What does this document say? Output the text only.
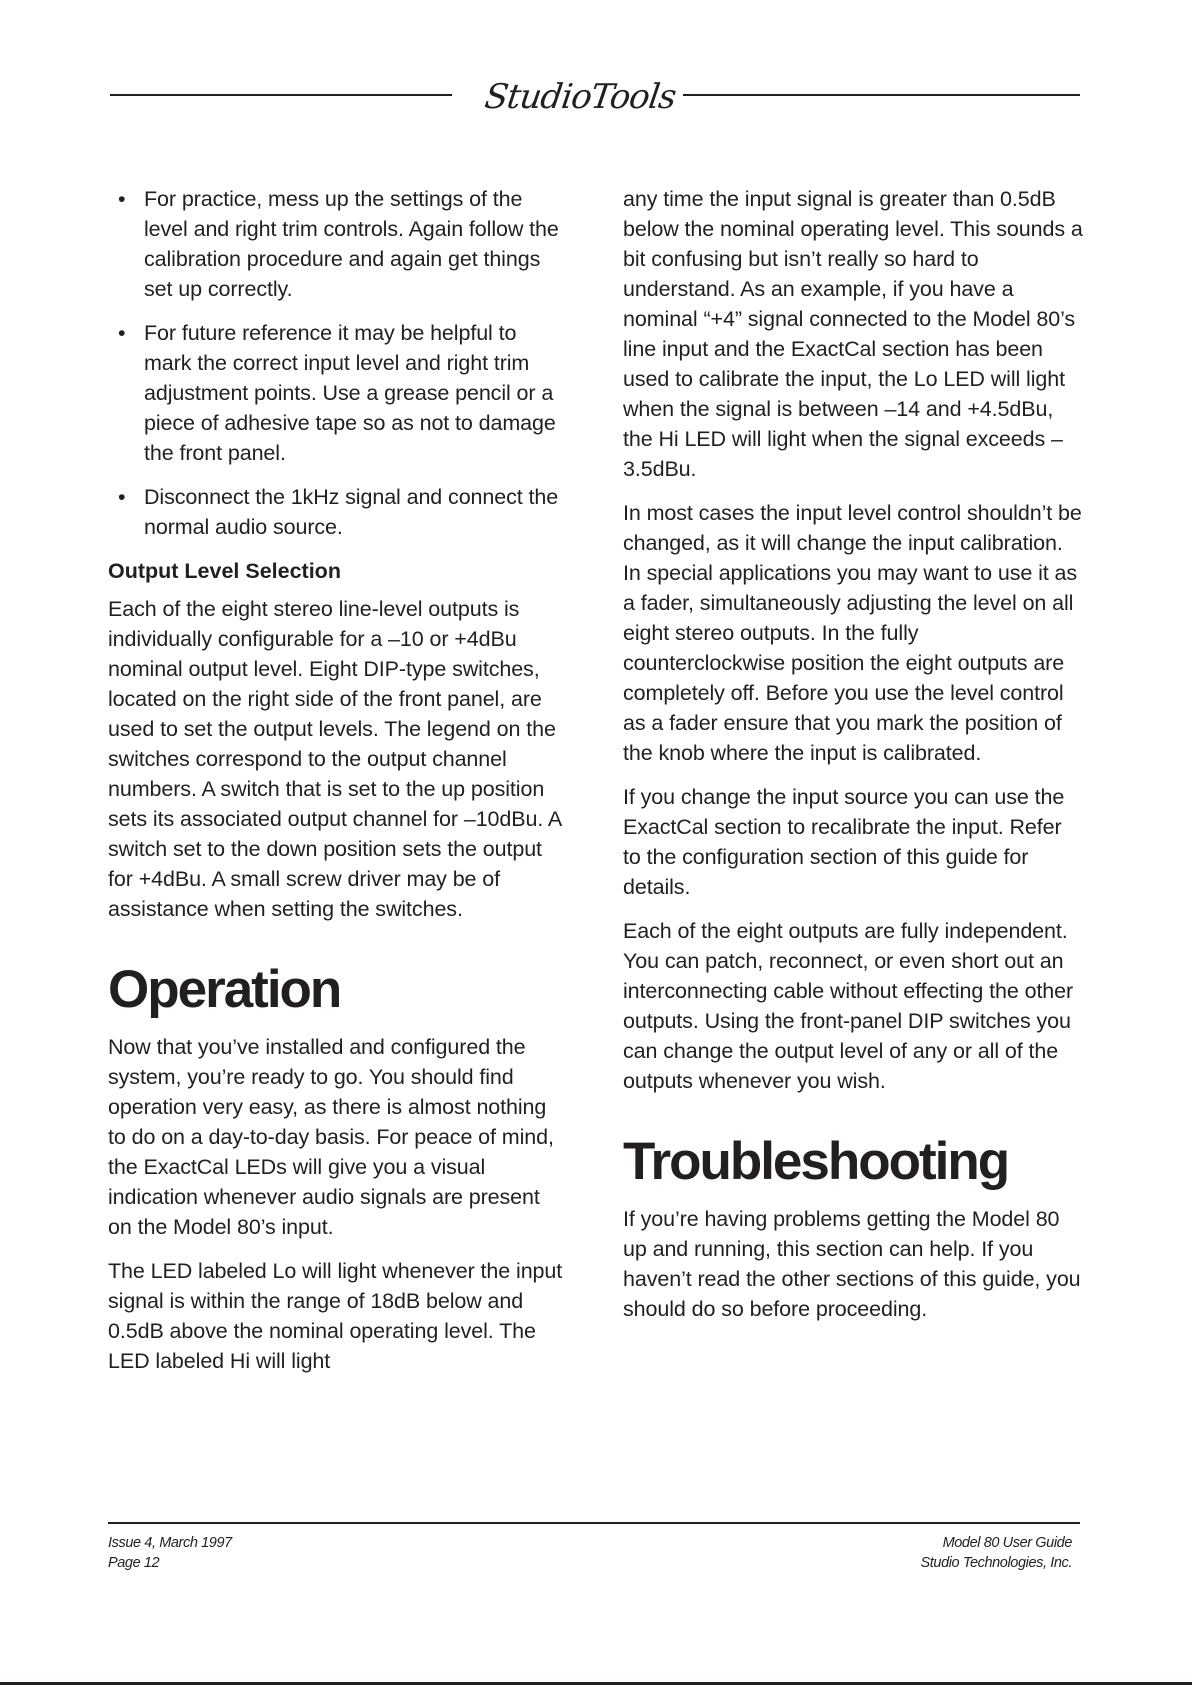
StudioTools
• For practice, mess up the settings of the level and right trim controls. Again follow the calibration procedure and again get things set up correctly.
• For future reference it may be helpful to mark the correct input level and right trim adjustment points. Use a grease pencil or a piece of adhesive tape so as not to damage the front panel.
• Disconnect the 1kHz signal and connect the normal audio source.
Output Level Selection

Each of the eight stereo line-level outputs is individually configurable for a –10 or +4dBu nominal output level. Eight DIP-type switches, located on the right side of the front panel, are used to set the output levels. The legend on the switches correspond to the output channel numbers. A switch that is set to the up position sets its associated output channel for –10dBu. A switch set to the down position sets the output for +4dBu. A small screw driver may be of assistance when setting the switches.

Operation

Now that you’ve installed and configured the system, you’re ready to go. You should find operation very easy, as there is almost nothing to do on a day-to-day basis. For peace of mind, the ExactCal LEDs will give you a visual indication whenever audio signals are present on the Model 80’s input.

The LED labeled Lo will light whenever the input signal is within the range of 18dB below and 0.5dB above the nominal operating level. The LED labeled Hi will light

any time the input signal is greater than 0.5dB below the nominal operating level. This sounds a bit confusing but isn’t really so hard to understand. As an example, if you have a nominal “+4” signal connected to the Model 80’s line input and the ExactCal section has been used to calibrate the input, the Lo LED will light when the signal is between –14 and +4.5dBu, the Hi LED will light when the signal exceeds –3.5dBu.

In most cases the input level control shouldn’t be changed, as it will change the input calibration. In special applications you may want to use it as a fader, simultaneously adjusting the level on all eight stereo outputs. In the fully counterclockwise position the eight outputs are completely off. Before you use the level control as a fader ensure that you mark the position of the knob where the input is calibrated.

If you change the input source you can use the ExactCal section to recalibrate the input. Refer to the configuration section of this guide for details.

Each of the eight outputs are fully independent. You can patch, reconnect, or even short out an interconnecting cable without effecting the other outputs. Using the front-panel DIP switches you can change the output level of any or all of the outputs whenever you wish.

Troubleshooting

If you’re having problems getting the Model 80 up and running, this section can help. If you haven’t read the other sections of this guide, you should do so before proceeding.

Issue 4, March 1997
Page 12
Model 80 User Guide
Studio Technologies, Inc.
